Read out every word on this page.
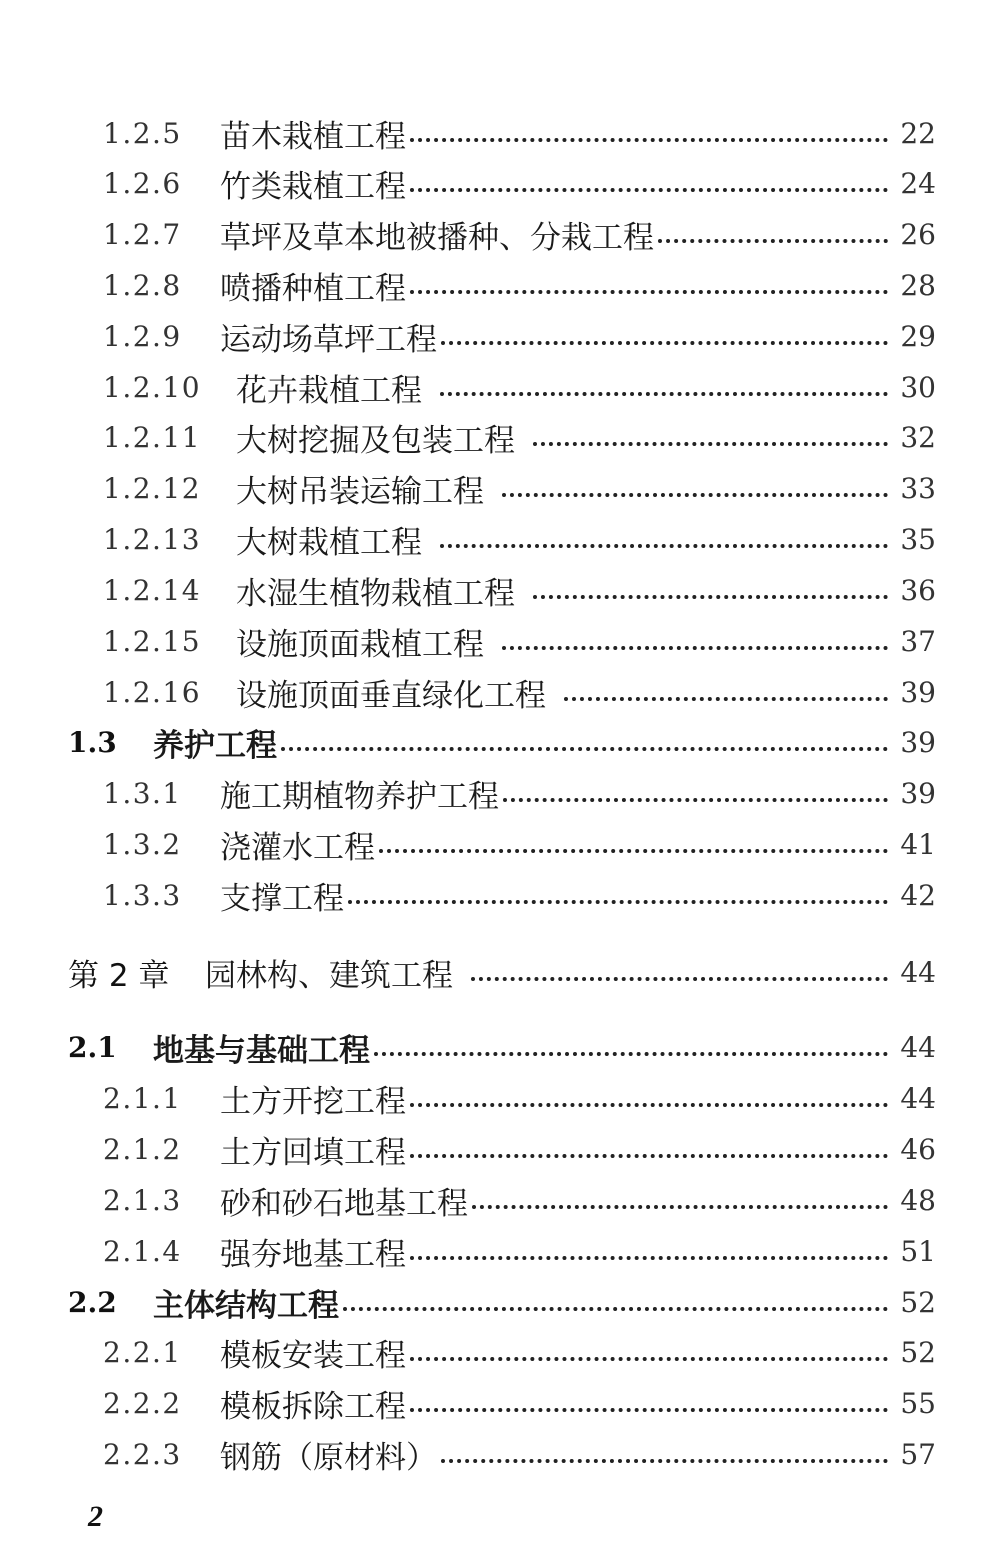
1.2.5 苗木栽植工程	22
1.2.6 竹类栽植工程	24
1.2.7 草坪及草本地被播种、分栽工程	26
1.2.8 喷播种植工程	28
1.2.9 运动场草坪工程	29
1.2.10 花卉栽植工程	30
1.2.11 大树挖掘及包装工程	32
1.2.12 大树吊装运输工程	33
1.2.13 大树栽植工程	35
1.2.14 水湿生植物栽植工程	36
1.2.15 设施顶面栽植工程	37
1.2.16 设施顶面垂直绿化工程	39
1.3 养护工程	39
1.3.1 施工期植物养护工程	39
1.3.2 浇灌水工程	41
1.3.3 支撑工程	42
第 2 章 园林构、建筑工程	44
2.1 地基与基础工程	44
2.1.1 土方开挖工程	44
2.1.2 土方回填工程	46
2.1.3 砂和砂石地基工程	48
2.1.4 强夯地基工程	51
2.2 主体结构工程	52
2.2.1 模板安装工程	52
2.2.2 模板拆除工程	55
2.2.3 钢筋（原材料）	57
2
